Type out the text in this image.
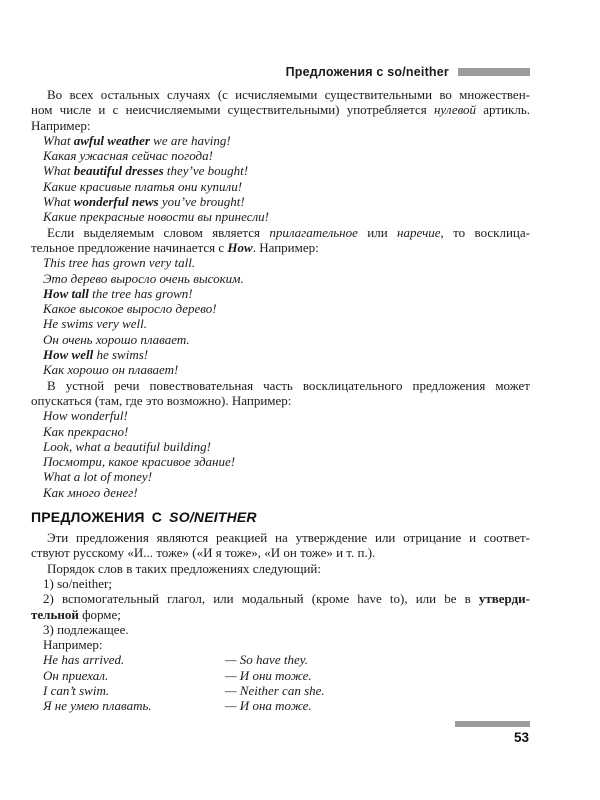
Предложения с so/neither
Во всех остальных случаях (с исчисляемыми существительными во множествен-
ном числе и с неисчисляемыми существительными) употребляется нулевой артикль.
Например:
What awful weather we are having!
Какая ужасная сейчас погода!
What beautiful dresses they’ve bought!
Какие красивые платья они купили!
What wonderful news you’ve brought!
Какие прекрасные новости вы принесли!
Если выделяемым словом является прилагательное или наречие, то восклица-
тельное предложение начинается с How. Например:
This tree has grown very tall.
Это дерево выросло очень высоким.
How tall the tree has grown!
Какое высокое выросло дерево!
He swims very well.
Он очень хорошо плавает.
How well he swims!
Как хорошо он плавает!
В устной речи повествовательная часть восклицательного предложения может
опускаться (там, где это возможно). Например:
How wonderful!
Как прекрасно!
Look, what a beautiful building!
Посмотри, какое красивое здание!
What a lot of money!
Как много денег!
ПРЕДЛОЖЕНИЯ С SO/NEITHER
Эти предложения являются реакцией на утверждение или отрицание и соответ-
ствуют русскому «И... тоже» («И я тоже», «И он тоже» и т. п.).
Порядок слов в таких предложениях следующий:
1) so/neither;
2) вспомогательный глагол, или модальный (кроме have to), или be в утверди-
тельной форме;
3) подлежащее.
Например:
He has arrived.	— So have they.
Он приехал.	— И они тоже.
I can’t swim.	— Neither can she.
Я не умею плавать.	— И она тоже.
53
